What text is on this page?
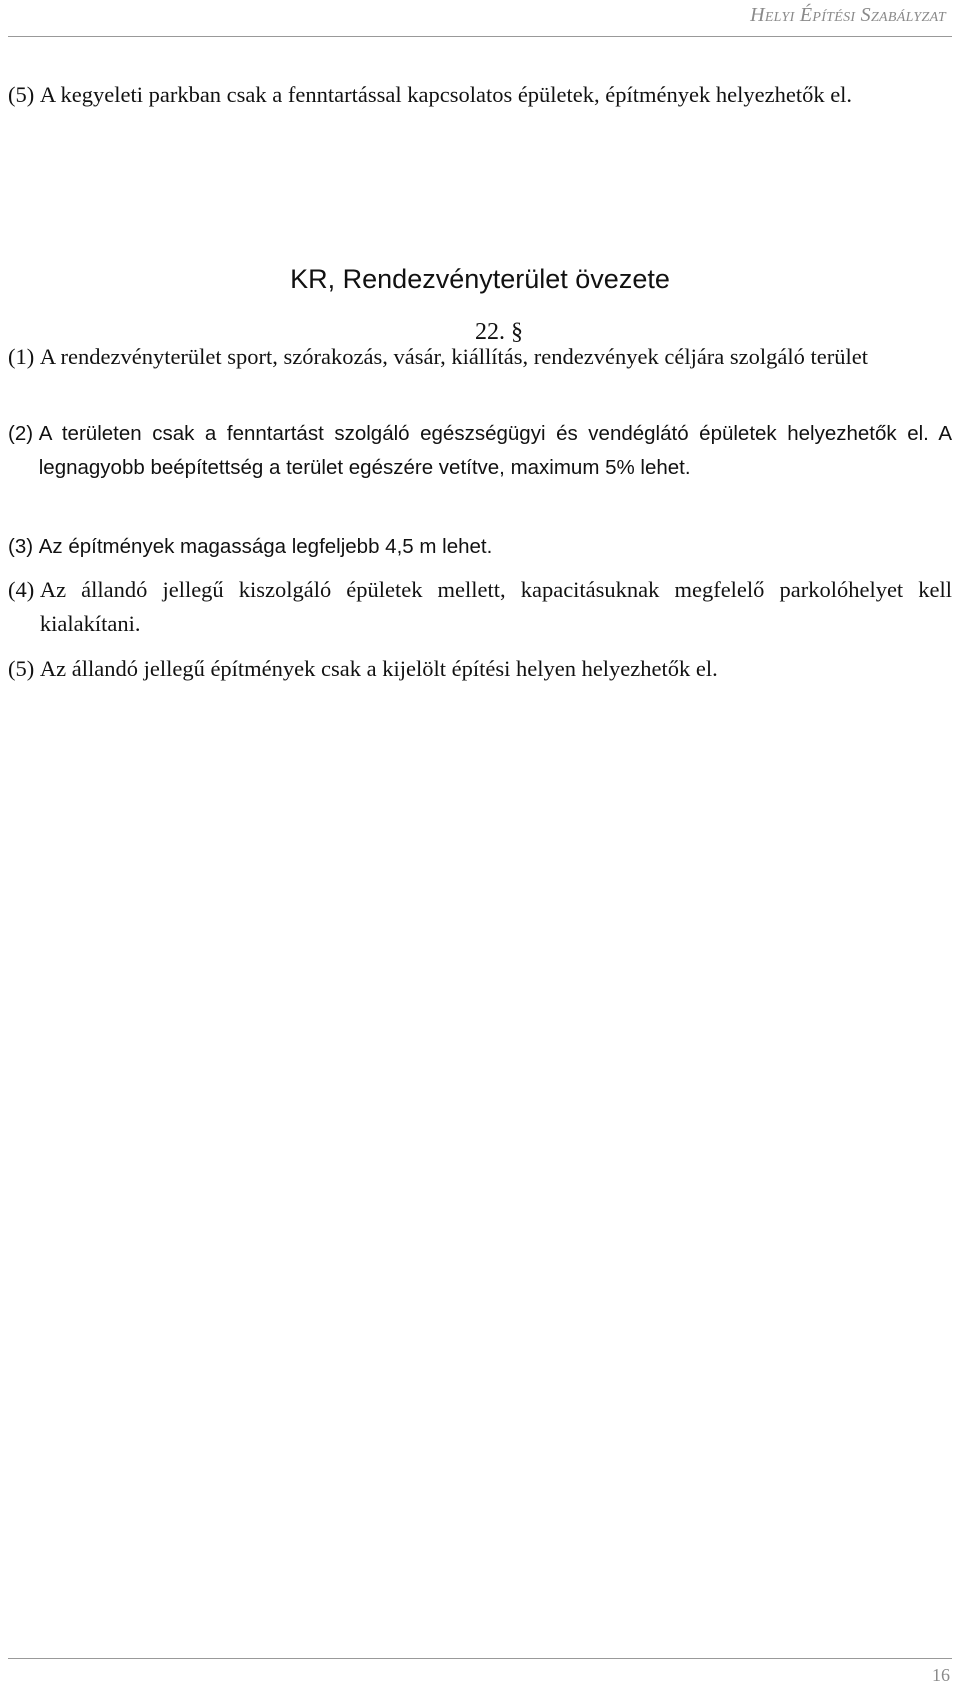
Helyi Építési Szabályzat
(5) A kegyeleti parkban csak a fenntartással kapcsolatos épületek, építmények helyezhetők el.
KR, Rendezvényterület övezete
22. §
(1) A rendezvényterület sport, szórakozás, vásár, kiállítás, rendezvények céljára szolgáló terület
(2) A területen csak a fenntartást szolgáló egészségügyi és vendéglátó épületek helyezhetők el. A legnagyobb beépítettség a terület egészére vetítve, maximum 5% lehet.
(3) Az építmények magassága legfeljebb 4,5 m lehet.
(4) Az állandó jellegű kiszolgáló épületek mellett, kapacitásuknak megfelelő parkolóhelyet kell kialakítani.
(5) Az állandó jellegű építmények csak a kijelölt építési helyen helyezhetők el.
16
